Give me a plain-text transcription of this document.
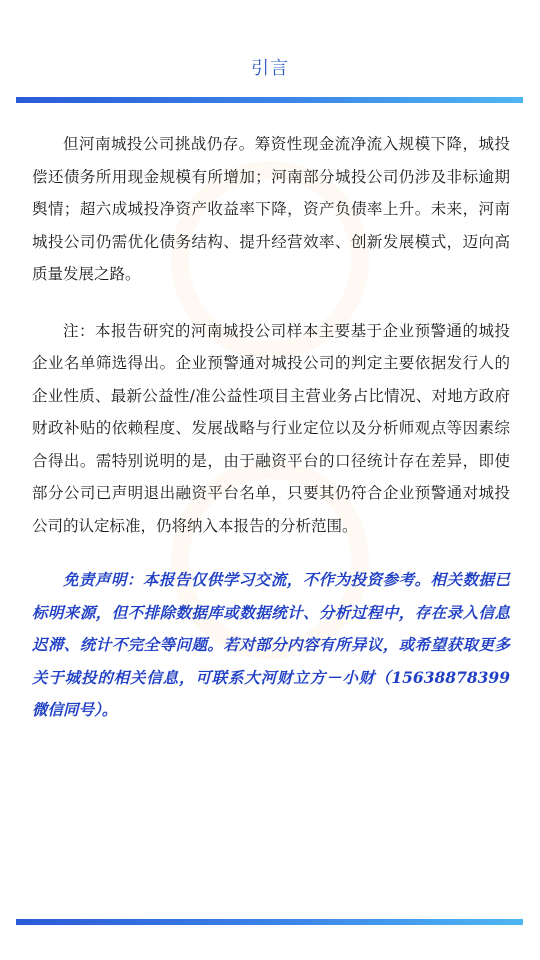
引言

但河南城投公司挑战仍存。筹资性现金流净流入规模下降，城投偿还债务所用现金规模有所增加；河南部分城投公司仍涉及非标逾期舆情；超六成城投净资产收益率下降，资产负债率上升。未来，河南城投公司仍需优化债务结构、提升经营效率、创新发展模式，迈向高质量发展之路。

注：本报告研究的河南城投公司样本主要基于企业预警通的城投企业名单筛选得出。企业预警通对城投公司的判定主要依据发行人的企业性质、最新公益性/准公益性项目主营业务占比情况、对地方政府财政补贴的依赖程度、发展战略与行业定位以及分析师观点等因素综合得出。需特别说明的是，由于融资平台的口径统计存在差异，即使部分公司已声明退出融资平台名单，只要其仍符合企业预警通对城投公司的认定标准，仍将纳入本报告的分析范围。

免责声明：本报告仅供学习交流，不作为投资参考。相关数据已标明来源，但不排除数据库或数据统计、分析过程中，存在录入信息迟滞、统计不完全等问题。若对部分内容有所异议，或希望获取更多关于城投的相关信息，可联系大河财立方－小财（15638878399 微信同号）。
